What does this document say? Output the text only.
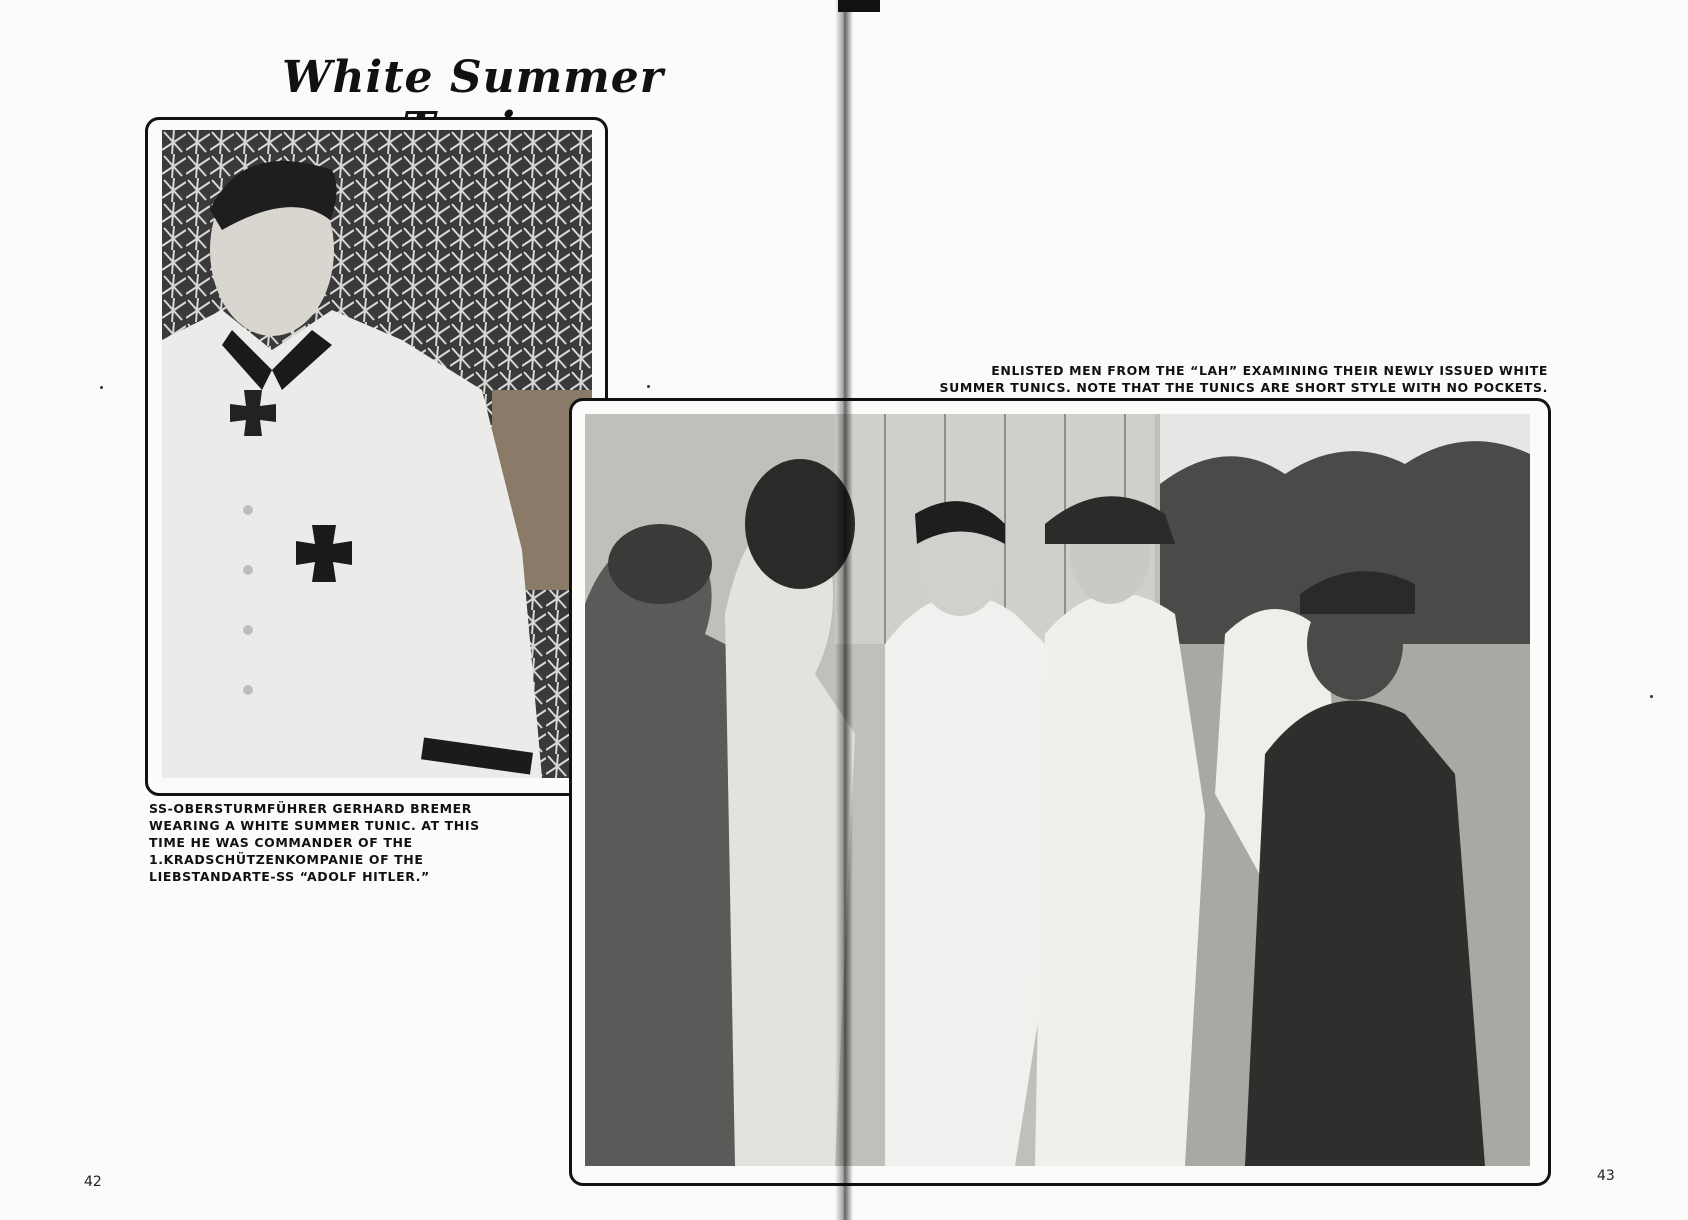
White Summer
SS-OBERSTURMFÜHRER GERHARD BREMER
WEARING A WHITE SUMMER TUNIC. AT THIS
TIME HE WAS COMMANDER OF THE
1.KRADSCHÜTZENKOMPANIE OF THE
LIEBSTANDARTE-SS “ADOLF HITLER.”
42
ENLISTED MEN FROM THE “LAH” EXAMINING THEIR NEWLY ISSUED WHITE
SUMMER TUNICS. NOTE THAT THE TUNICS ARE SHORT STYLE WITH NO POCKETS.
43
